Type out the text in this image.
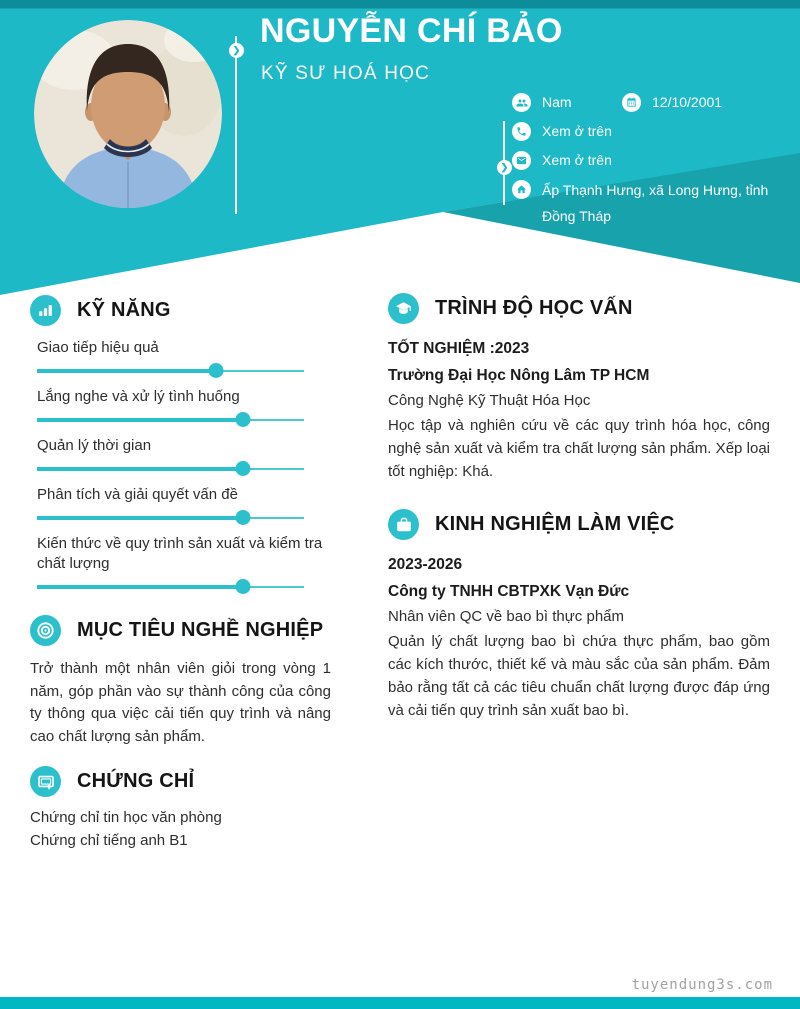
❯ NGUYỄN CHÍ BẢO
KỸ SƯ HOÁ HỌC
❯
Nam	12/10/2001
Xem ở trên
Xem ở trên
Ấp Thạnh Hưng, xã Long Hưng, tỉnh Đồng Tháp
KỸ NĂNG
Giao tiếp hiệu quả
Lắng nghe và xử lý tình huống
Quản lý thời gian
Phân tích và giải quyết vấn đề
Kiến thức về quy trình sản xuất và kiểm tra chất lượng
MỤC TIÊU NGHỀ NGHIỆP
Trở thành một nhân viên giỏi trong vòng 1 năm, góp phần vào sự thành công của công ty thông qua việc cải tiến quy trình và nâng cao chất lượng sản phẩm.
CHỨNG CHỈ
Chứng chỉ tin học văn phòng
Chứng chỉ tiếng anh B1
TRÌNH ĐỘ HỌC VẤN
TỐT NGHIỆM :2023
Trường Đại Học Nông Lâm TP HCM
Công Nghệ Kỹ Thuật Hóa Học
Học tập và nghiên cứu về các quy trình hóa học, công nghệ sản xuất và kiểm tra chất lượng sản phẩm. Xếp loại tốt nghiệp: Khá.
KINH NGHIỆM LÀM VIỆC
2023-2026
Công ty TNHH CBTPXK Vạn Đức
Nhân viên QC về bao bì thực phẩm
Quản lý chất lượng bao bì chứa thực phẩm, bao gồm các kích thước, thiết kế và màu sắc của sản phẩm. Đảm bảo rằng tất cả các tiêu chuẩn chất lượng được đáp ứng và cải tiến quy trình sản xuất bao bì.
tuyendung3s.com
